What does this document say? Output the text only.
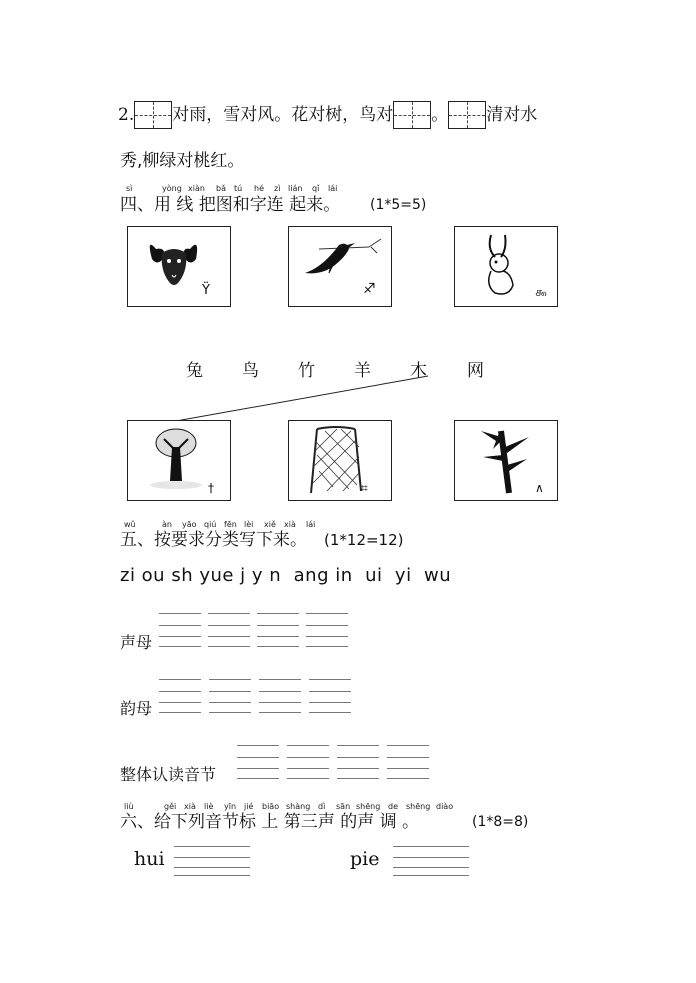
2. 对雨，雪对风。花对树，鸟对 。 清对水
秀,柳绿对桃红。
sì	yòng xiàn bǎ tú hé zì lián qǐ lái
四、用 线 把图和字连 起来。 (1*5=5)
Ÿ	♐	௯
兔 鸟 竹 羊 木 网
†	⌗	∧
wǔ	àn yāo qiú fēn lèi xiě xià lái
五、按要求分类写下来。 (1*12=12)
zi ou sh yue j y n  ang in  ui  yi  wu
声母
韵母
整体认读音节
liù	gěi xià liè yīn jié biāo shàng dì sān shēng de shēng diào
六、给下列音节标 上 第三声 的声 调 。	(1*8=8)
hui	pie
